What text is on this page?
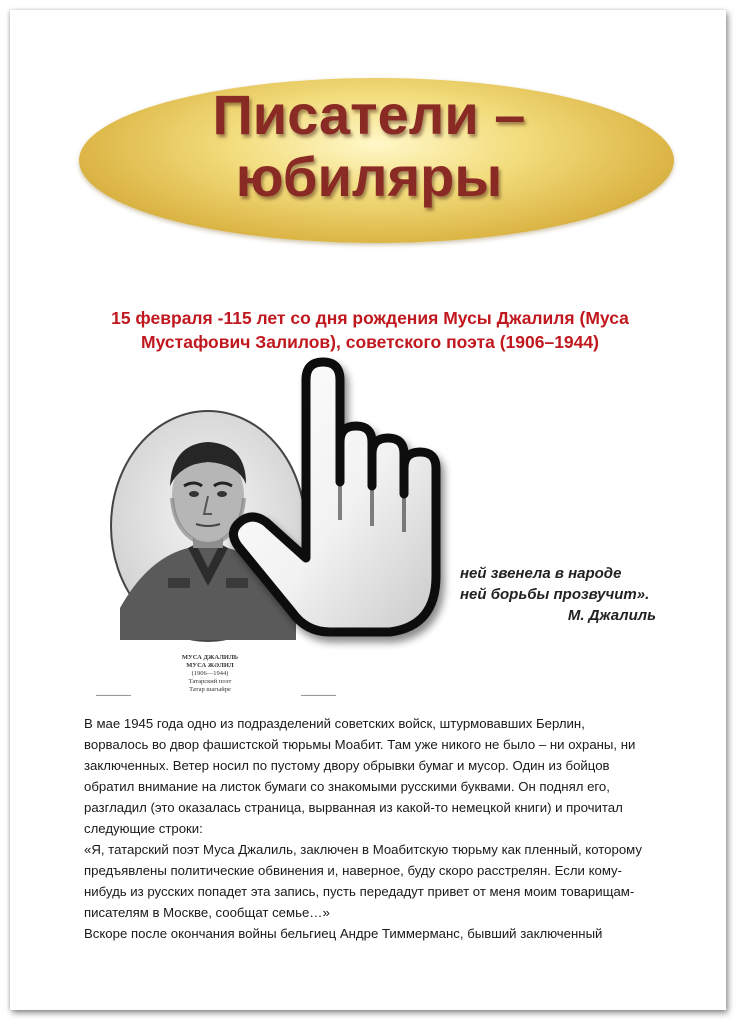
Писатели –
юбиляры
15 февраля -115 лет со дня рождения Мусы Джалиля (Муса
Мустафович Залилов), советского поэта (1906–1944)
МУСА ДЖАЛИЛЬ
МУСА ЖӘЛИЛ
(1906—1944)
Татарский поэт
Татар шагыйре
▬▬▬▬▬▬▬▬▬▬	▬▬▬▬▬▬▬▬▬▬
ней звенела в народе
ней борьбы прозвучит».
М. Джалиль

В мае 1945 года одно из подразделений советских войск, штурмовавших Берлин, ворвалось во двор фашистской тюрьмы Моабит. Там уже никого не было – ни охраны, ни заключенных. Ветер носил по пустому двору обрывки бумаг и мусор. Один из бойцов обратил внимание на листок бумаги со знакомыми русскими буквами. Он поднял его, разгладил (это оказалась страница, вырванная из какой-то немецкой книги) и прочитал следующие строки:

«Я, татарский поэт Муса Джалиль, заключен в Моабитскую тюрьму как пленный, которому предъявлены политические обвинения и, наверное, буду скоро расстрелян. Если кому-нибудь из русских попадет эта запись, пусть передадут привет от меня моим товарищам-писателям в Москве, сообщат семье…»

Вскоре после окончания войны бельгиец Андре Тиммерманс, бывший заключенный
